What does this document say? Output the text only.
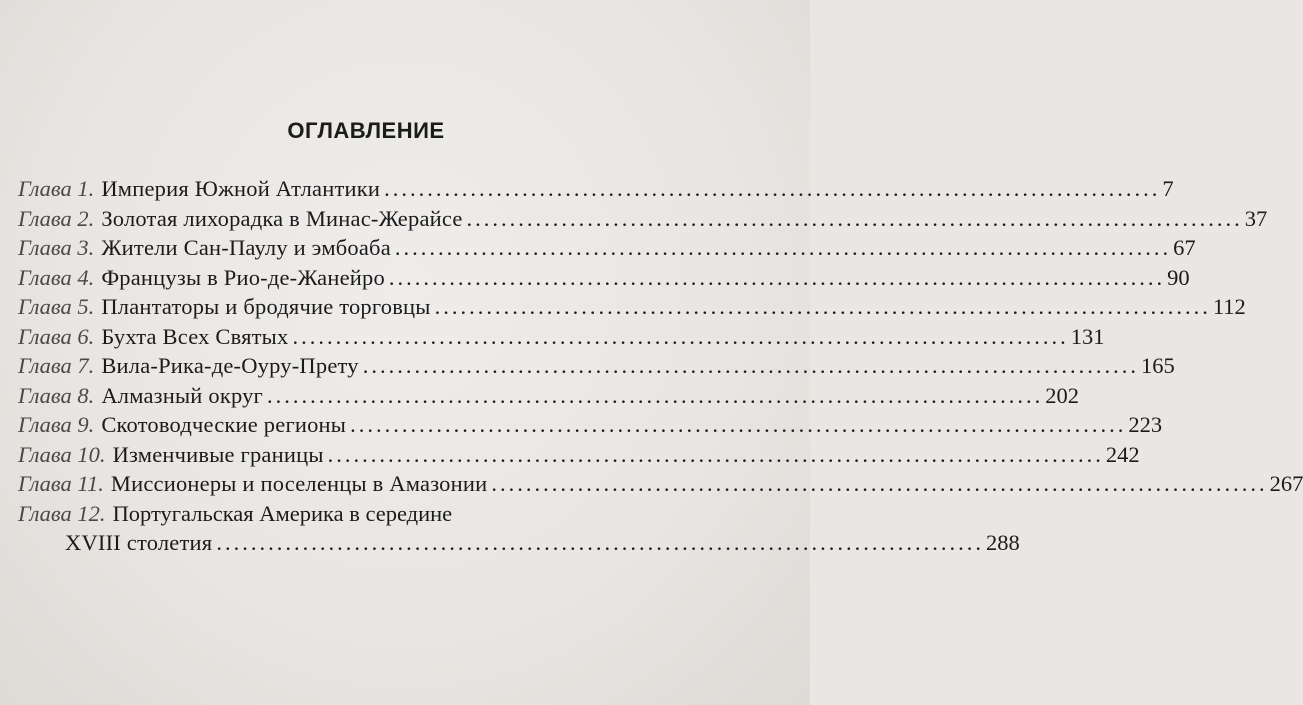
ОГЛАВЛЕНИЕ
Глава 1. Империя Южной Атлантики .......................................................................................... 7
Глава 2. Золотая лихорадка в Минас-Жерайсе .......................................................................................... 37
Глава 3. Жители Сан-Паулу и эмбоаба .......................................................................................... 67
Глава 4. Французы в Рио-де-Жанейро .......................................................................................... 90
Глава 5. Плантаторы и бродячие торговцы .......................................................................................... 112
Глава 6. Бухта Всех Святых .......................................................................................... 131
Глава 7. Вила-Рика-де-Оуру-Прету .......................................................................................... 165
Глава 8. Алмазный округ .......................................................................................... 202
Глава 9. Скотоводческие регионы .......................................................................................... 223
Глава 10. Изменчивые границы .......................................................................................... 242
Глава 11. Миссионеры и поселенцы в Амазонии .......................................................................................... 267
Глава 12. Португальская Америка в середине
XVIII столетия ......................................................................................... 288
